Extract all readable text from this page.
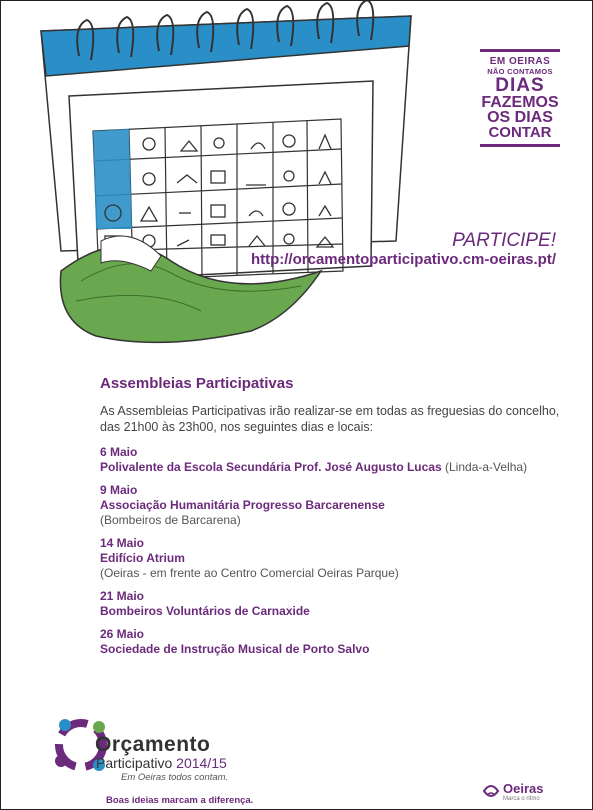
EM OEIRAS
NÃO CONTAMOS
DIAS
FAZEMOS
OS DIAS
CONTAR
PARTICIPE!
http://orcamentoparticipativo.cm-oeiras.pt/
Assembleias Participativas

As Assembleias Participativas irão realizar-se em todas as freguesias do concelho, das 21h00 às 23h00, nos seguintes dias e locais:

6 Maio
Polivalente da Escola Secundária Prof. José Augusto Lucas (Linda-a-Velha)
9 Maio
Associação Humanitária Progresso Barcarenense
(Bombeiros de Barcarena)
14 Maio
Edifício Atrium
(Oeiras - em frente ao Centro Comercial Oeiras Parque)
21 Maio
Bombeiros Voluntários de Carnaxide
26 Maio
Sociedade de Instrução Musical de Porto Salvo
Orçamento
Participativo 2014/15
Em Oeiras todos contam.
Boas ideias marcam a diferença.
Oeiras
Marca o ritmo
